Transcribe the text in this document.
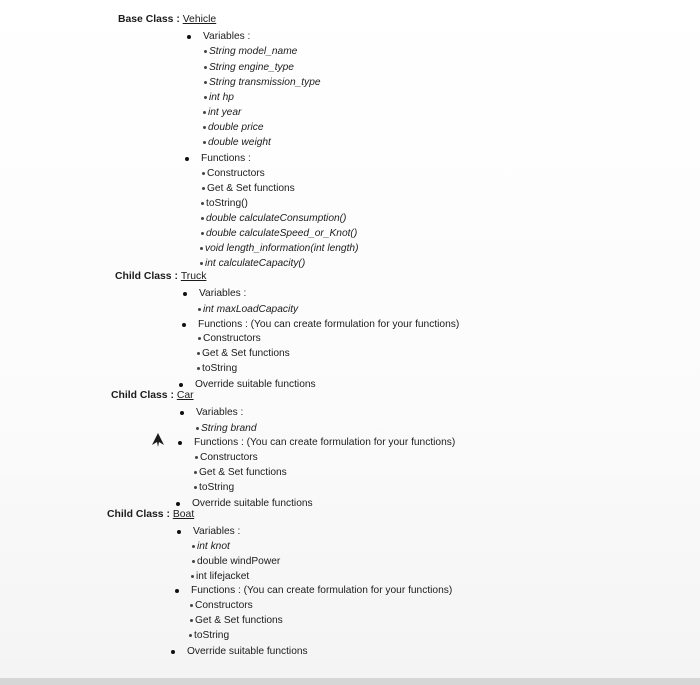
Base Class : Vehicle
Variables :
String model_name
String engine_type
String transmission_type
int hp
int year
double price
double weight
Functions :
Constructors
Get & Set functions
toString()
double calculateConsumption()
double calculateSpeed_or_Knot()
void length_information(int length)
int calculateCapacity()
Child Class : Truck
Variables :
int maxLoadCapacity
Functions : (You can create formulation for your functions)
Constructors
Get & Set functions
toString
Override suitable functions
Child Class : Car
Variables :
String brand
Functions : (You can create formulation for your functions)
Constructors
Get & Set functions
toString
Override suitable functions
Child Class : Boat
Variables :
int knot
double windPower
int lifejacket
Functions : (You can create formulation for your functions)
Constructors
Get & Set functions
toString
Override suitable functions
